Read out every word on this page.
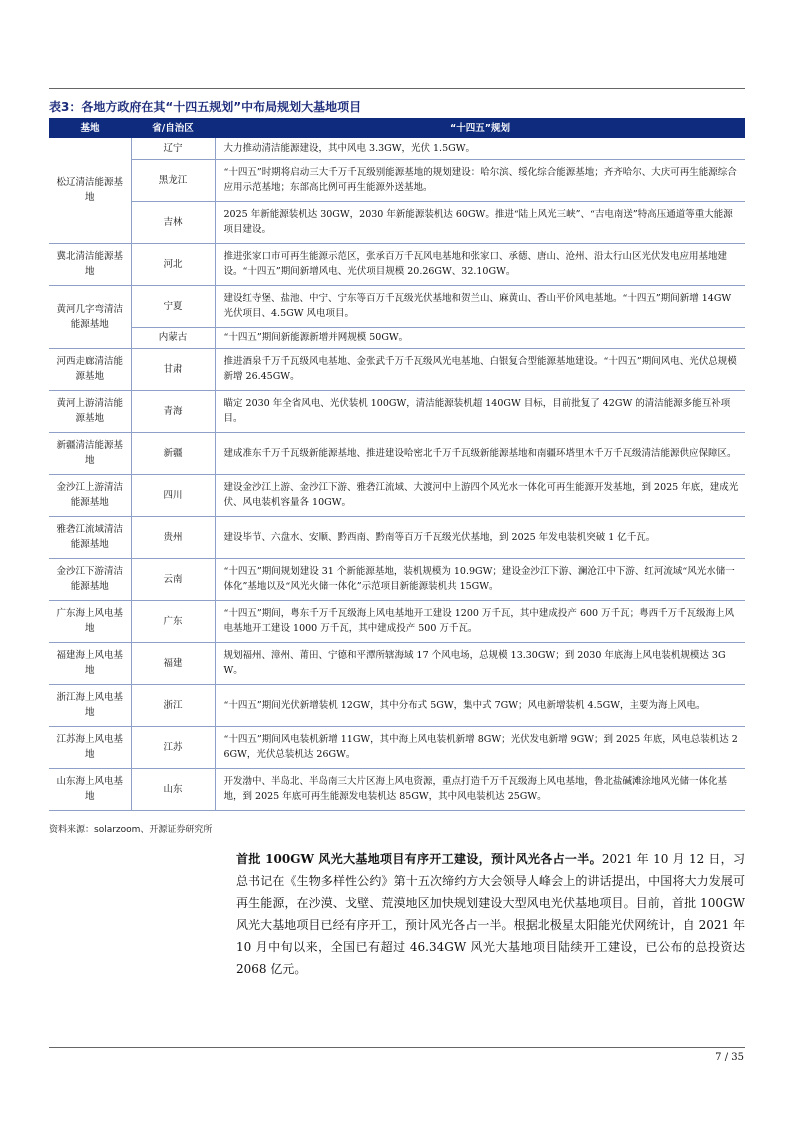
表3：各地方政府在其“十四五规划”中布局规划大基地项目
基地	省/自治区	“十四五”规划
松辽清洁能源基地	辽宁	大力推动清洁能源建设，其中风电 3.3GW，光伏 1.5GW。
	黑龙江	“十四五”时期将启动三大千万千瓦级别能源基地的规划建设：哈尔滨、绥化综合能源基地；齐齐哈尔、大庆可再生能源综合应用示范基地；东部高比例可再生能源外送基地。
	吉林	2025 年新能源装机达 30GW，2030 年新能源装机达 60GW。推进“陆上风光三峡”、“吉电南送”特高压通道等重大能源项目建设。
冀北清洁能源基地	河北	推进张家口市可再生能源示范区，张承百万千瓦风电基地和张家口、承德、唐山、沧州、沿太行山区光伏发电应用基地建设。“十四五”期间新增风电、光伏项目规模 20.26GW、32.10GW。
黄河几字弯清洁能源基地	宁夏	建设红寺堡、盐池、中宁、宁东等百万千瓦级光伏基地和贺兰山、麻黄山、香山平价风电基地。“十四五”期间新增 14GW 光伏项目、4.5GW 风电项目。
	内蒙古	“十四五”期间新能源新增并网规模 50GW。
河西走廊清洁能源基地	甘肃	推进酒泉千万千瓦级风电基地、金张武千万千瓦级风光电基地、白银复合型能源基地建设。“十四五”期间风电、光伏总规模新增 26.45GW。
黄河上游清洁能源基地	青海	瞄定 2030 年全省风电、光伏装机 100GW，清洁能源装机超 140GW 目标，目前批复了 42GW 的清洁能源多能互补项目。
新疆清洁能源基地	新疆	建成准东千万千瓦级新能源基地、推进建设哈密北千万千瓦级新能源基地和南疆环塔里木千万千瓦级清洁能源供应保障区。
金沙江上游清洁能源基地	四川	建设金沙江上游、金沙江下游、雅砻江流域、大渡河中上游四个风光水一体化可再生能源开发基地，到 2025 年底，建成光伏、风电装机容量各 10GW。
雅砻江流域清洁能源基地	贵州	建设毕节、六盘水、安顺、黔西南、黔南等百万千瓦级光伏基地，到 2025 年发电装机突破 1 亿千瓦。
金沙江下游清洁能源基地	云南	“十四五”期间规划建设 31 个新能源基地，装机规模为 10.9GW；建设金沙江下游、澜沧江中下游、红河流域“风光水储一体化”基地以及“风光火储一体化”示范项目新能源装机共 15GW。
广东海上风电基地	广东	“十四五”期间，粤东千万千瓦级海上风电基地开工建设 1200 万千瓦，其中建成投产 600 万千瓦；粤西千万千瓦级海上风电基地开工建设 1000 万千瓦，其中建成投产 500 万千瓦。
福建海上风电基地	福建	规划福州、漳州、莆田、宁德和平潭所辖海域 17 个风电场，总规模 13.30GW；到 2030 年底海上风电装机规模达 3GW。
浙江海上风电基地	浙江	“十四五”期间光伏新增装机 12GW，其中分布式 5GW，集中式 7GW；风电新增装机 4.5GW，主要为海上风电。
江苏海上风电基地	江苏	“十四五”期间风电装机新增 11GW，其中海上风电装机新增 8GW；光伏发电新增 9GW；到 2025 年底，风电总装机达 26GW，光伏总装机达 26GW。
山东海上风电基地	山东	开发渤中、半岛北、半岛南三大片区海上风电资源，重点打造千万千瓦级海上风电基地，鲁北盐碱滩涂地风光储一体化基地，到 2025 年底可再生能源发电装机达 85GW，其中风电装机达 25GW。
资料来源：solarzoom、开源证券研究所
首批 100GW 风光大基地项目有序开工建设，预计风光各占一半。2021 年 10 月 12 日，习总书记在《生物多样性公约》第十五次缔约方大会领导人峰会上的讲话提出，中国将大力发展可再生能源，在沙漠、戈壁、荒漠地区加快规划建设大型风电光伏基地项目。目前，首批 100GW 风光大基地项目已经有序开工，预计风光各占一半。根据北极星太阳能光伏网统计，自 2021 年 10 月中旬以来，全国已有超过 46.34GW 风光大基地项目陆续开工建设，已公布的总投资达 2068 亿元。
7 / 35
